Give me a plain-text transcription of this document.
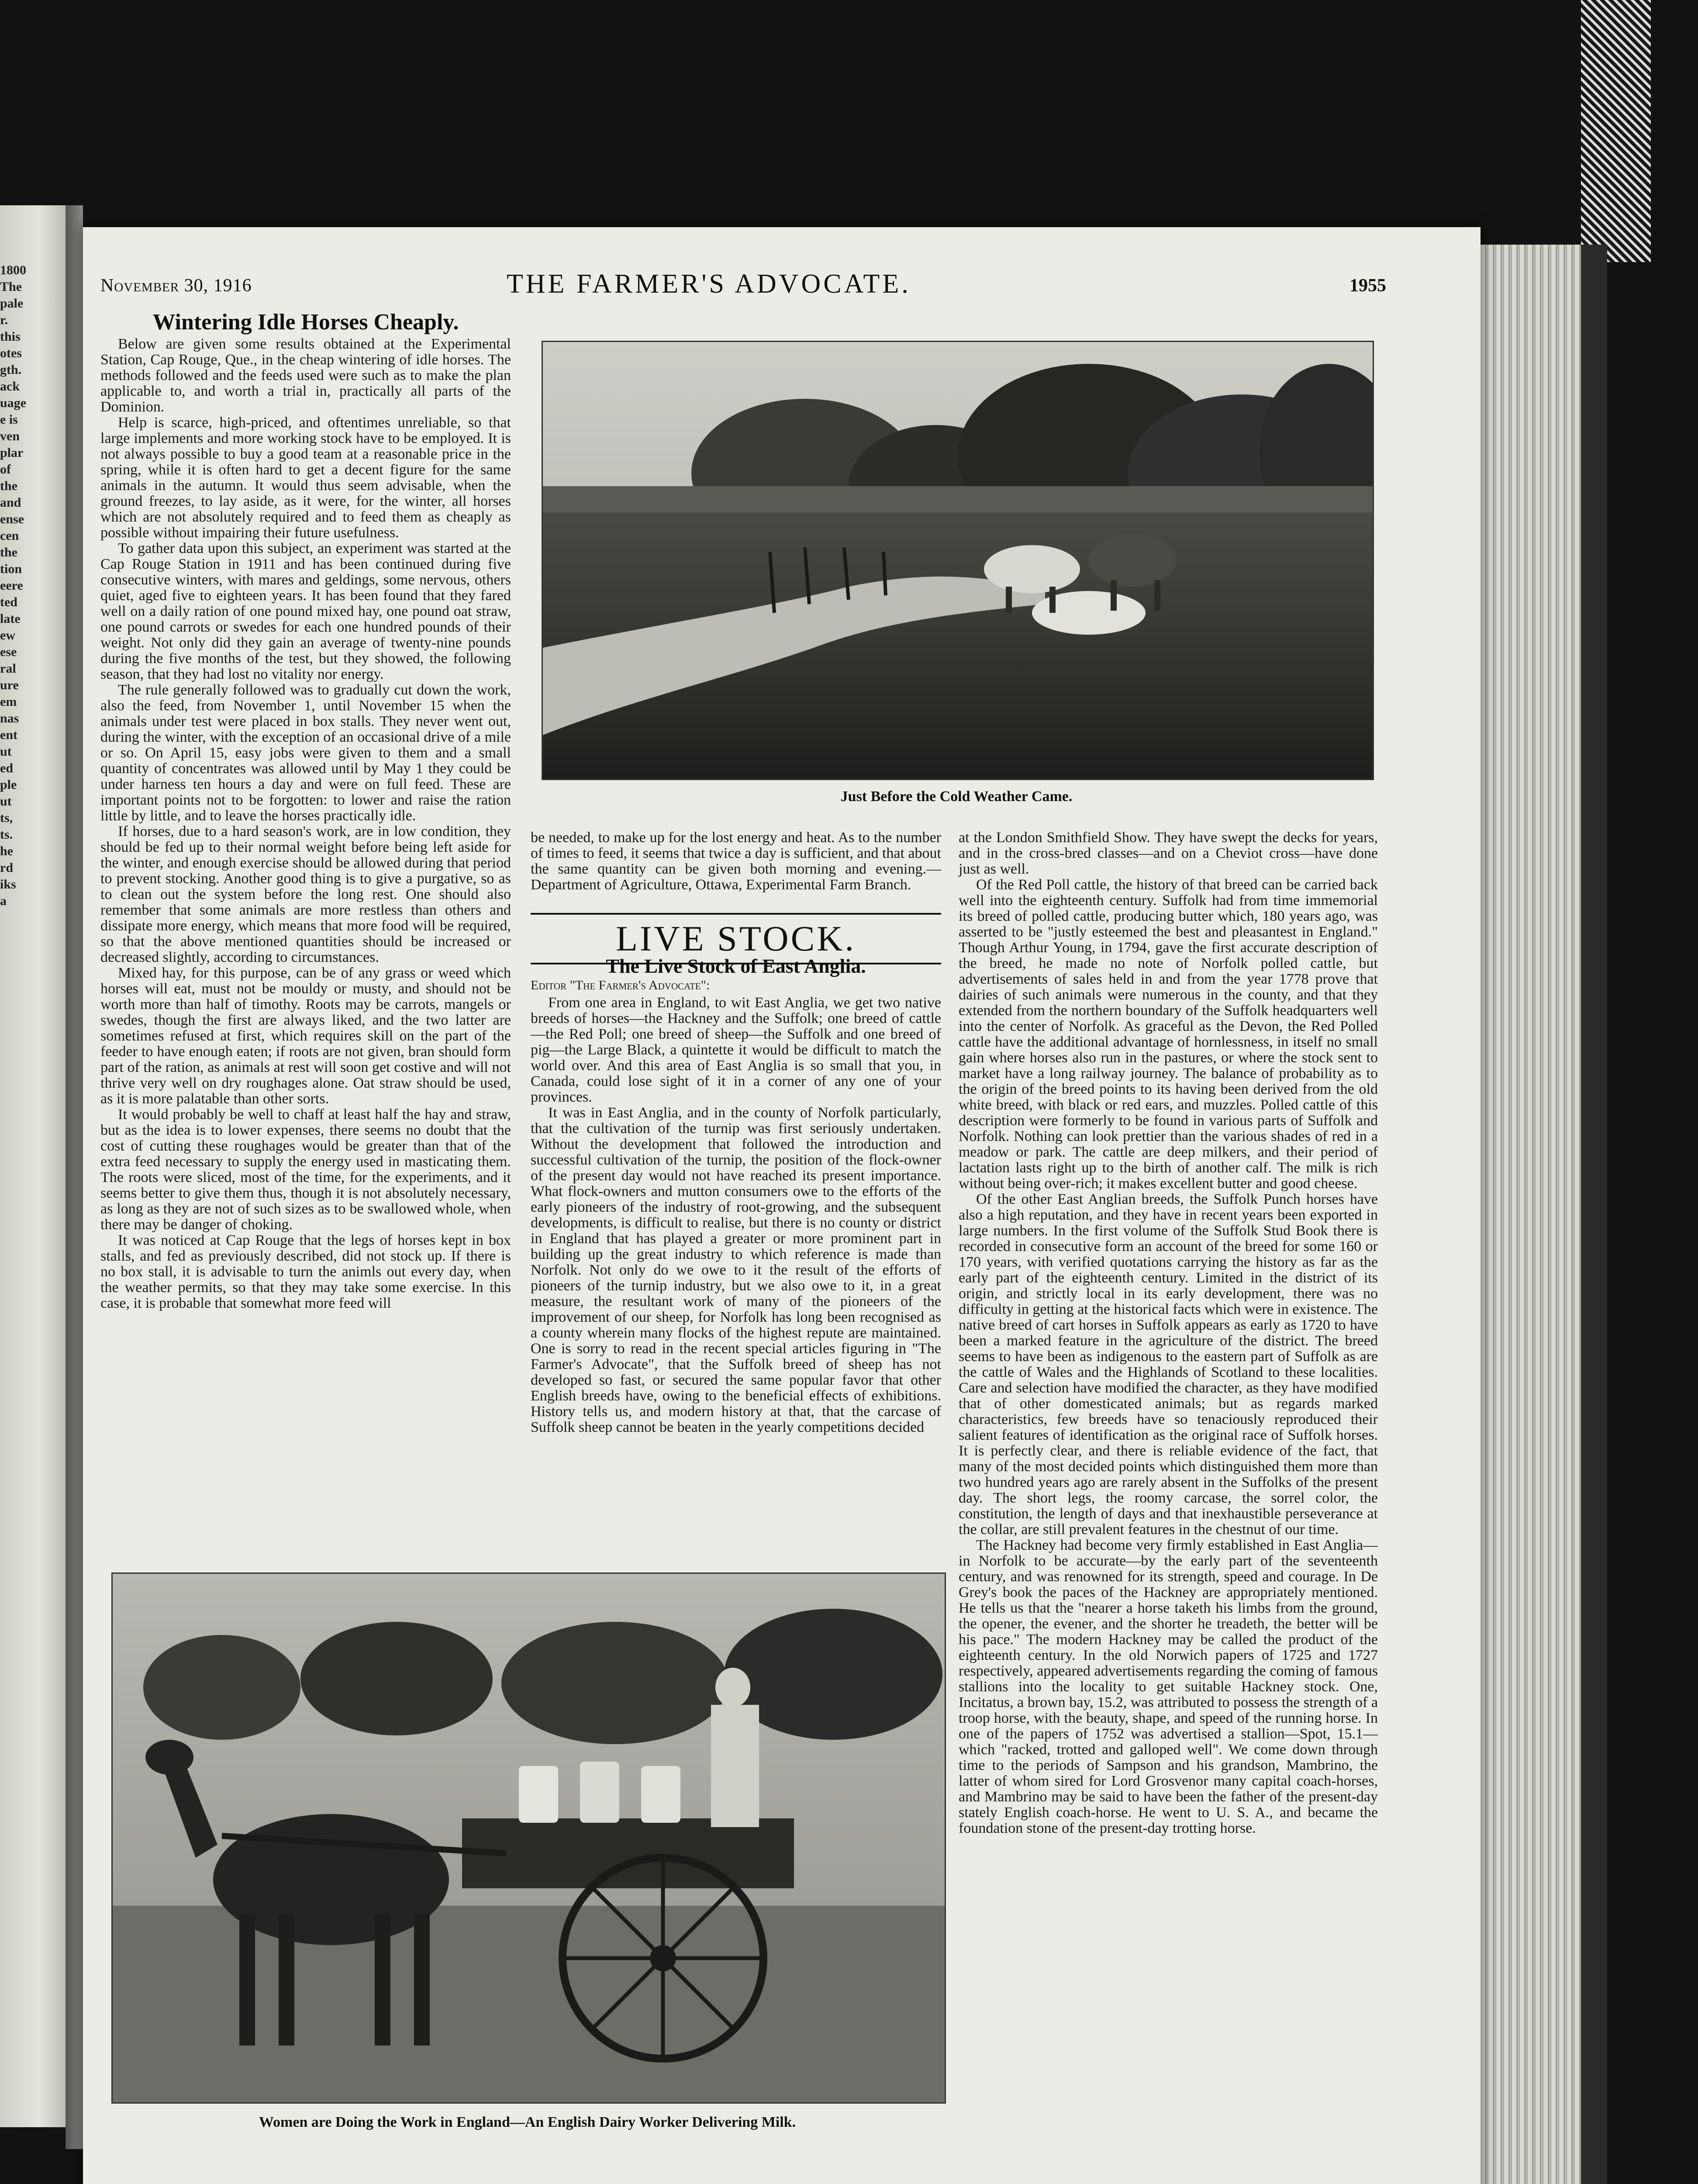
1800
The
pale
r.
this
otes
gth.
ack
uage
e is
ven
plar
of
the
and
ense
cen
the
tion
eere
ted
late
ew
ese
ral
ure
em
nas
ent
ut
ed
ple
ut
ts,
ts.
he
rd
iks
a
November 30, 1916	THE FARMER'S ADVOCATE.	1955
Wintering Idle Horses Cheaply.

Below are given some results obtained at the Experimental Station, Cap Rouge, Que., in the cheap wintering of idle horses. The methods followed and the feeds used were such as to make the plan applicable to, and worth a trial in, practically all parts of the Dominion.

Help is scarce, high-priced, and oftentimes unreliable, so that large implements and more working stock have to be employed. It is not always possible to buy a good team at a reasonable price in the spring, while it is often hard to get a decent figure for the same animals in the autumn. It would thus seem advisable, when the ground freezes, to lay aside, as it were, for the winter, all horses which are not absolutely required and to feed them as cheaply as possible without impairing their future usefulness.

To gather data upon this subject, an experiment was started at the Cap Rouge Station in 1911 and has been continued during five consecutive winters, with mares and geldings, some nervous, others quiet, aged five to eighteen years. It has been found that they fared well on a daily ration of one pound mixed hay, one pound oat straw, one pound carrots or swedes for each one hundred pounds of their weight. Not only did they gain an average of twenty-nine pounds during the five months of the test, but they showed, the following season, that they had lost no vitality nor energy.

The rule generally followed was to gradually cut down the work, also the feed, from November 1, until November 15 when the animals under test were placed in box stalls. They never went out, during the winter, with the exception of an occasional drive of a mile or so. On April 15, easy jobs were given to them and a small quantity of concentrates was allowed until by May 1 they could be under harness ten hours a day and were on full feed. These are important points not to be forgotten: to lower and raise the ration little by little, and to leave the horses practically idle.

If horses, due to a hard season's work, are in low condition, they should be fed up to their normal weight before being left aside for the winter, and enough exercise should be allowed during that period to prevent stocking. Another good thing is to give a purgative, so as to clean out the system before the long rest. One should also remember that some animals are more restless than others and dissipate more energy, which means that more food will be required, so that the above mentioned quantities should be increased or decreased slightly, according to circumstances.

Mixed hay, for this purpose, can be of any grass or weed which horses will eat, must not be mouldy or musty, and should not be worth more than half of timothy. Roots may be carrots, mangels or swedes, though the first are always liked, and the two latter are sometimes refused at first, which requires skill on the part of the feeder to have enough eaten; if roots are not given, bran should form part of the ration, as animals at rest will soon get costive and will not thrive very well on dry roughages alone. Oat straw should be used, as it is more palatable than other sorts.

It would probably be well to chaff at least half the hay and straw, but as the idea is to lower expenses, there seems no doubt that the cost of cutting these roughages would be greater than that of the extra feed necessary to supply the energy used in masticating them. The roots were sliced, most of the time, for the experiments, and it seems better to give them thus, though it is not absolutely necessary, as long as they are not of such sizes as to be swallowed whole, when there may be danger of choking.

It was noticed at Cap Rouge that the legs of horses kept in box stalls, and fed as previously described, did not stock up. If there is no box stall, it is advisable to turn the animls out every day, when the weather permits, so that they may take some exercise. In this case, it is probable that somewhat more feed will

Just Before the Cold Weather Came.

be needed, to make up for the lost energy and heat. As to the number of times to feed, it seems that twice a day is sufficient, and that about the same quantity can be given both morning and evening.—Department of Agriculture, Ottawa, Experimental Farm Branch.

The Live Stock of East Anglia.
Editor "The Farmer's Advocate":

From one area in England, to wit East Anglia, we get two native breeds of horses—the Hackney and the Suffolk; one breed of cattle—the Red Poll; one breed of sheep—the Suffolk and one breed of pig—the Large Black, a quintette it would be difficult to match the world over. And this area of East Anglia is so small that you, in Canada, could lose sight of it in a corner of any one of your provinces.

It was in East Anglia, and in the county of Norfolk particularly, that the cultivation of the turnip was first seriously undertaken. Without the development that followed the introduction and successful cultivation of the turnip, the position of the flock-owner of the present day would not have reached its present importance. What flock-owners and mutton consumers owe to the efforts of the early pioneers of the industry of root-growing, and the subsequent developments, is difficult to realise, but there is no county or district in England that has played a greater or more prominent part in building up the great industry to which reference is made than Norfolk. Not only do we owe to it the result of the efforts of pioneers of the turnip industry, but we also owe to it, in a great measure, the resultant work of many of the pioneers of the improvement of our sheep, for Norfolk has long been recognised as a county wherein many flocks of the highest repute are maintained. One is sorry to read in the recent special articles figuring in "The Farmer's Advocate", that the Suffolk breed of sheep has not developed so fast, or secured the same popular favor that other English breeds have, owing to the beneficial effects of exhibitions. History tells us, and modern history at that, that the carcase of Suffolk sheep cannot be beaten in the yearly competitions decided

LIVE STOCK.

at the London Smithfield Show. They have swept the decks for years, and in the cross-bred classes—and on a Cheviot cross—have done just as well.

Of the Red Poll cattle, the history of that breed can be carried back well into the eighteenth century. Suffolk had from time immemorial its breed of polled cattle, producing butter which, 180 years ago, was asserted to be "justly esteemed the best and pleasantest in England." Though Arthur Young, in 1794, gave the first accurate description of the breed, he made no note of Norfolk polled cattle, but advertisements of sales held in and from the year 1778 prove that dairies of such animals were numerous in the county, and that they extended from the northern boundary of the Suffolk headquarters well into the center of Norfolk. As graceful as the Devon, the Red Polled cattle have the additional advantage of hornlessness, in itself no small gain where horses also run in the pastures, or where the stock sent to market have a long railway journey. The balance of probability as to the origin of the breed points to its having been derived from the old white breed, with black or red ears, and muzzles. Polled cattle of this description were formerly to be found in various parts of Suffolk and Norfolk. Nothing can look prettier than the various shades of red in a meadow or park. The cattle are deep milkers, and their period of lactation lasts right up to the birth of another calf. The milk is rich without being over-rich; it makes excellent butter and good cheese.

Of the other East Anglian breeds, the Suffolk Punch horses have also a high reputation, and they have in recent years been exported in large numbers. In the first volume of the Suffolk Stud Book there is recorded in consecutive form an account of the breed for some 160 or 170 years, with verified quotations carrying the history as far as the early part of the eighteenth century. Limited in the district of its origin, and strictly local in its early development, there was no difficulty in getting at the historical facts which were in existence. The native breed of cart horses in Suffolk appears as early as 1720 to have been a marked feature in the agriculture of the district. The breed seems to have been as indigenous to the eastern part of Suffolk as are the cattle of Wales and the Highlands of Scotland to these localities. Care and selection have modified the character, as they have modified that of other domesticated animals; but as regards marked characteristics, few breeds have so tenaciously reproduced their salient features of identification as the original race of Suffolk horses. It is perfectly clear, and there is reliable evidence of the fact, that many of the most decided points which distinguished them more than two hundred years ago are rarely absent in the Suffolks of the present day. The short legs, the roomy carcase, the sorrel color, the constitution, the length of days and that inexhaustible perseverance at the collar, are still prevalent features in the chestnut of our time.

The Hackney had become very firmly established in East Anglia—in Norfolk to be accurate—by the early part of the seventeenth century, and was renowned for its strength, speed and courage. In De Grey's book the paces of the Hackney are appropriately mentioned. He tells us that the "nearer a horse taketh his limbs from the ground, the opener, the evener, and the shorter he treadeth, the better will be his pace." The modern Hackney may be called the product of the eighteenth century. In the old Norwich papers of 1725 and 1727 respectively, appeared advertisements regarding the coming of famous stallions into the locality to get suitable Hackney stock. One, Incitatus, a brown bay, 15.2, was attributed to possess the strength of a troop horse, with the beauty, shape, and speed of the running horse. In one of the papers of 1752 was advertised a stallion—Spot, 15.1—which "racked, trotted and galloped well". We come down through time to the periods of Sampson and his grandson, Mambrino, the latter of whom sired for Lord Grosvenor many capital coach-horses, and Mambrino may be said to have been the father of the present-day stately English coach-horse. He went to U. S. A., and became the foundation stone of the present-day trotting horse.

Women are Doing the Work in England—An English Dairy Worker Delivering Milk.
